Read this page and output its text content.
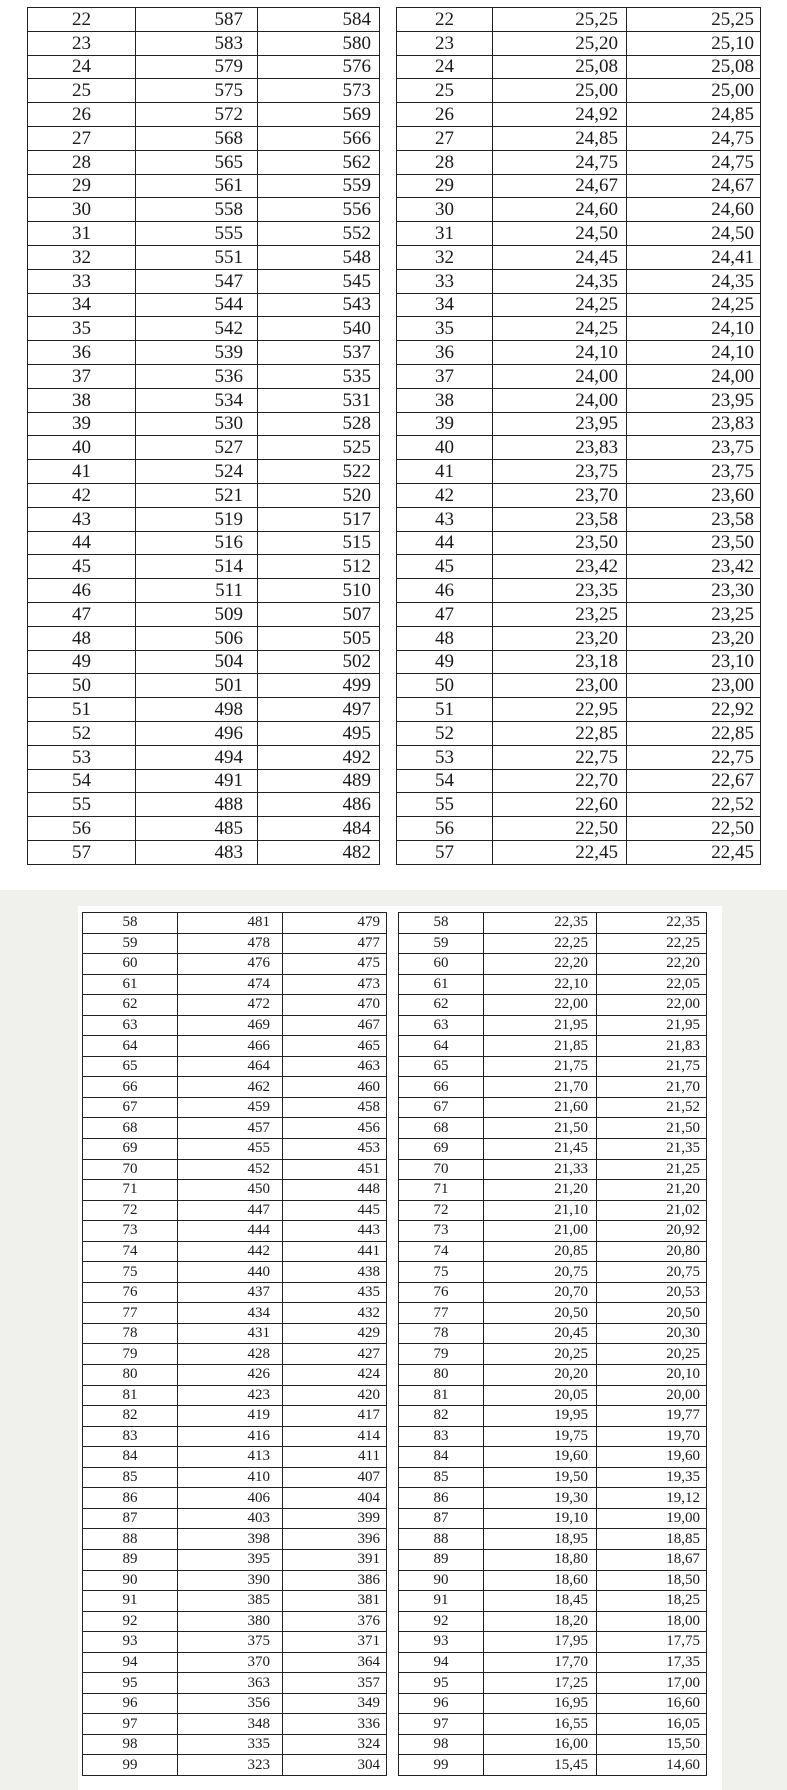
22	587	584
23	583	580
24	579	576
25	575	573
26	572	569
27	568	566
28	565	562
29	561	559
30	558	556
31	555	552
32	551	548
33	547	545
34	544	543
35	542	540
36	539	537
37	536	535
38	534	531
39	530	528
40	527	525
41	524	522
42	521	520
43	519	517
44	516	515
45	514	512
46	511	510
47	509	507
48	506	505
49	504	502
50	501	499
51	498	497
52	496	495
53	494	492
54	491	489
55	488	486
56	485	484
57	483	482
22	25,25	25,25
23	25,20	25,10
24	25,08	25,08
25	25,00	25,00
26	24,92	24,85
27	24,85	24,75
28	24,75	24,75
29	24,67	24,67
30	24,60	24,60
31	24,50	24,50
32	24,45	24,41
33	24,35	24,35
34	24,25	24,25
35	24,25	24,10
36	24,10	24,10
37	24,00	24,00
38	24,00	23,95
39	23,95	23,83
40	23,83	23,75
41	23,75	23,75
42	23,70	23,60
43	23,58	23,58
44	23,50	23,50
45	23,42	23,42
46	23,35	23,30
47	23,25	23,25
48	23,20	23,20
49	23,18	23,10
50	23,00	23,00
51	22,95	22,92
52	22,85	22,85
53	22,75	22,75
54	22,70	22,67
55	22,60	22,52
56	22,50	22,50
57	22,45	22,45
58	481	479
59	478	477
60	476	475
61	474	473
62	472	470
63	469	467
64	466	465
65	464	463
66	462	460
67	459	458
68	457	456
69	455	453
70	452	451
71	450	448
72	447	445
73	444	443
74	442	441
75	440	438
76	437	435
77	434	432
78	431	429
79	428	427
80	426	424
81	423	420
82	419	417
83	416	414
84	413	411
85	410	407
86	406	404
87	403	399
88	398	396
89	395	391
90	390	386
91	385	381
92	380	376
93	375	371
94	370	364
95	363	357
96	356	349
97	348	336
98	335	324
99	323	304
58	22,35	22,35
59	22,25	22,25
60	22,20	22,20
61	22,10	22,05
62	22,00	22,00
63	21,95	21,95
64	21,85	21,83
65	21,75	21,75
66	21,70	21,70
67	21,60	21,52
68	21,50	21,50
69	21,45	21,35
70	21,33	21,25
71	21,20	21,20
72	21,10	21,02
73	21,00	20,92
74	20,85	20,80
75	20,75	20,75
76	20,70	20,53
77	20,50	20,50
78	20,45	20,30
79	20,25	20,25
80	20,20	20,10
81	20,05	20,00
82	19,95	19,77
83	19,75	19,70
84	19,60	19,60
85	19,50	19,35
86	19,30	19,12
87	19,10	19,00
88	18,95	18,85
89	18,80	18,67
90	18,60	18,50
91	18,45	18,25
92	18,20	18,00
93	17,95	17,75
94	17,70	17,35
95	17,25	17,00
96	16,95	16,60
97	16,55	16,05
98	16,00	15,50
99	15,45	14,60
